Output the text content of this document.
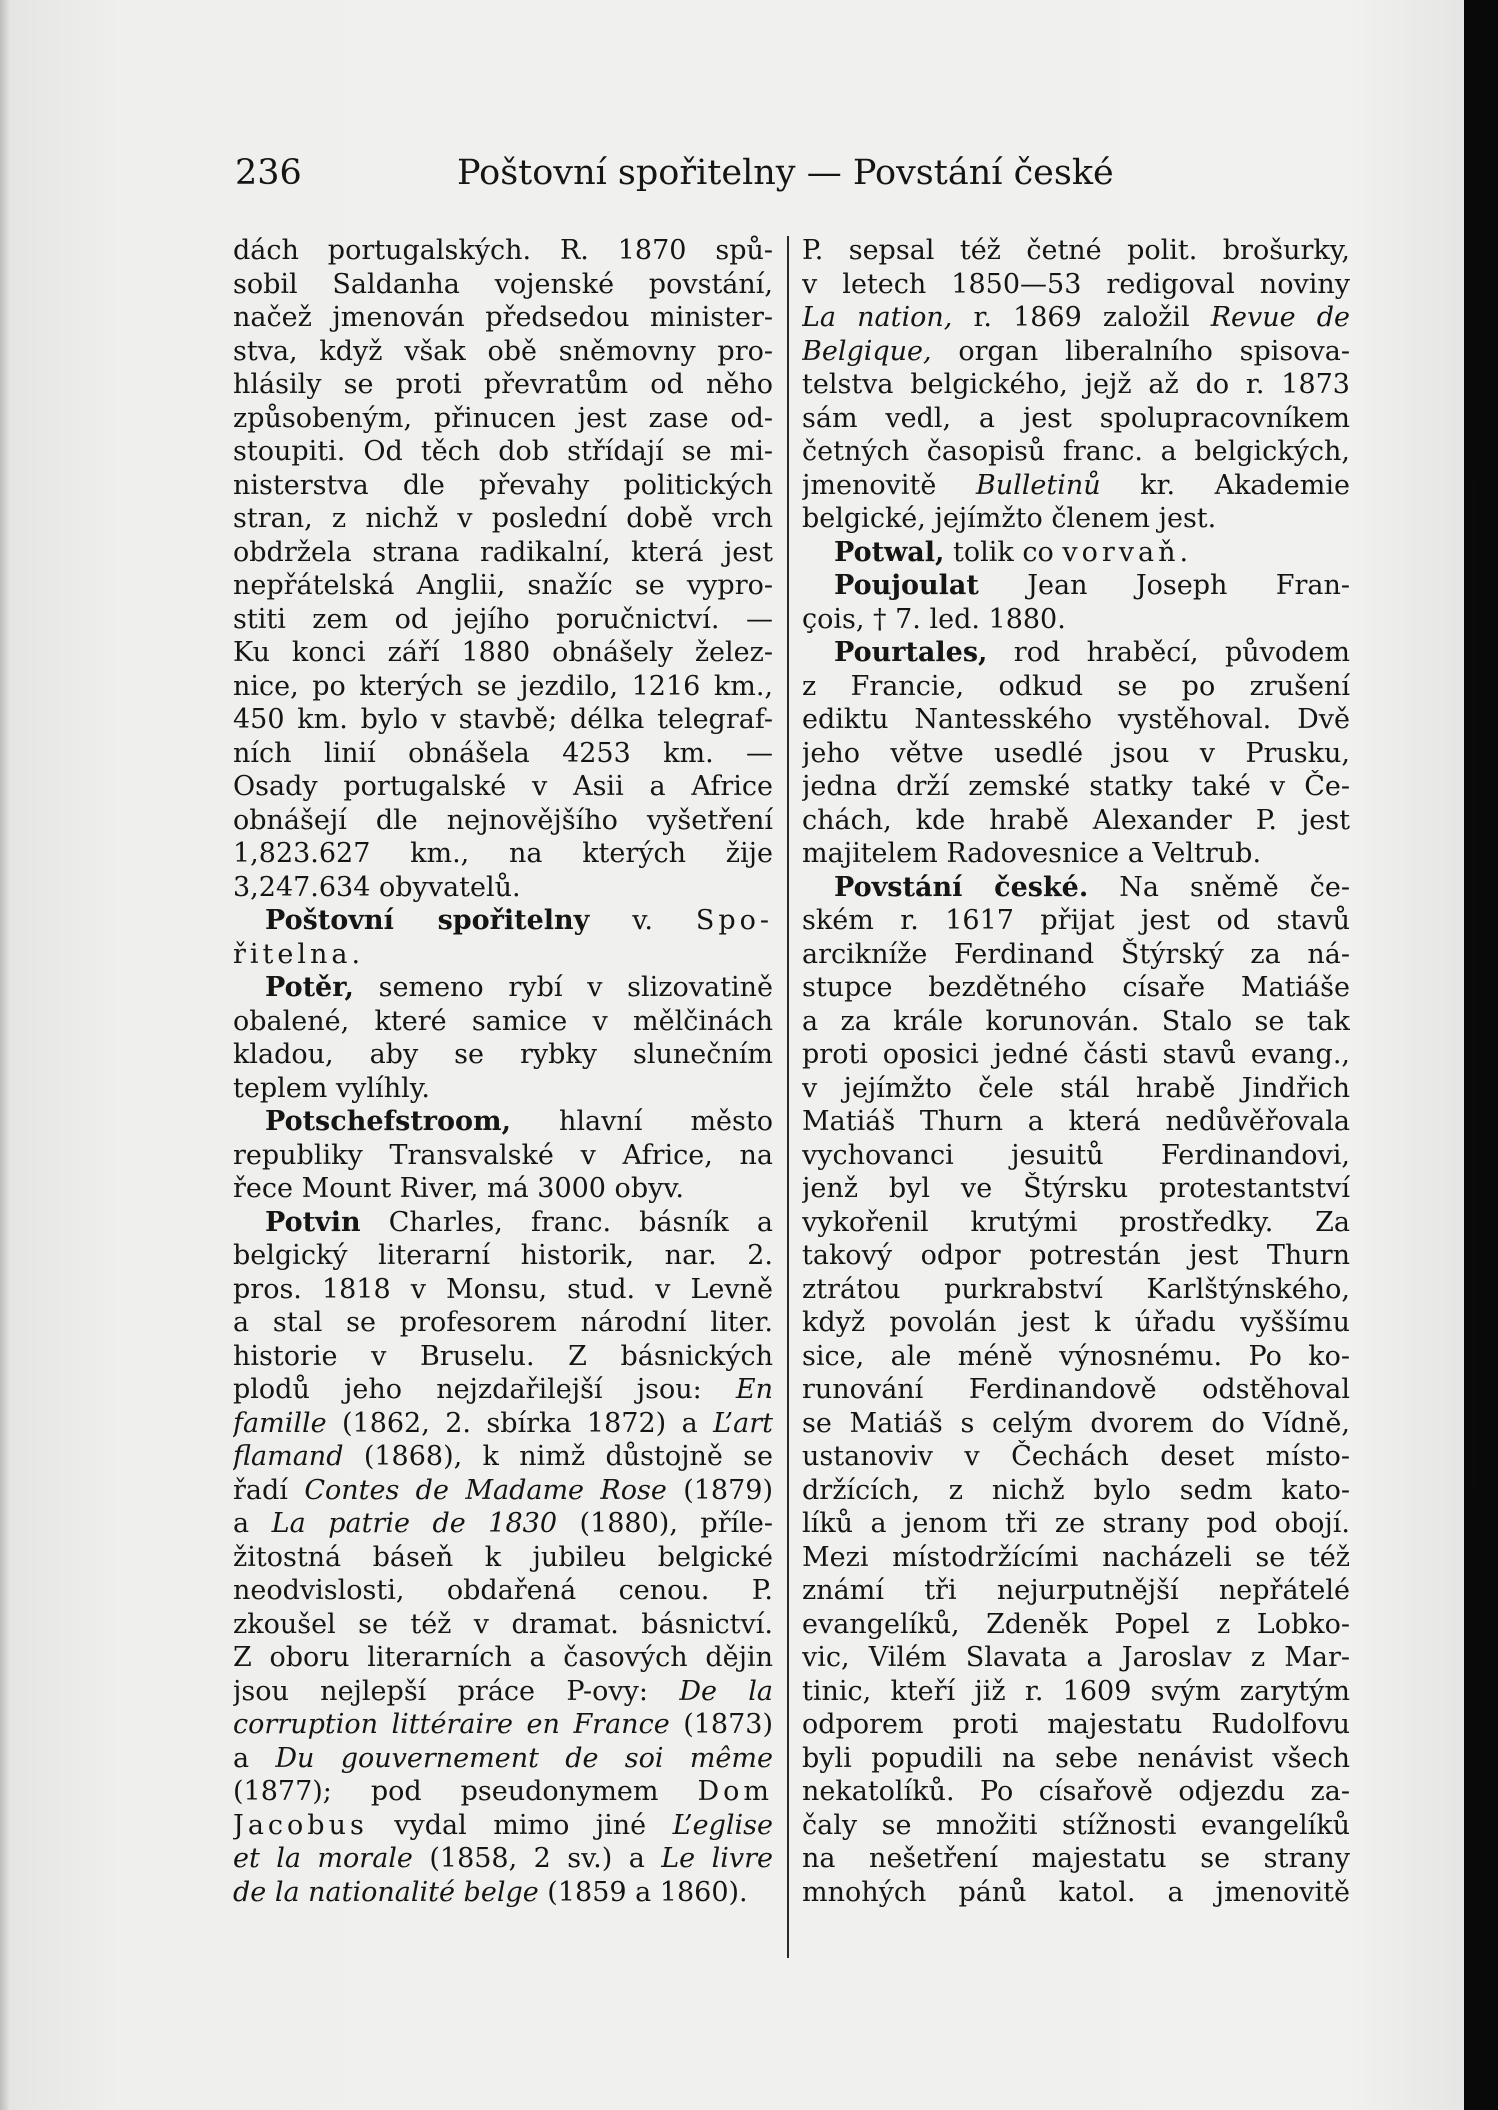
236	Poštovní spořitelny — Povstání české
dách portugalských. R. 1870 spů-
sobil Saldanha vojenské povstání,
načež jmenován předsedou minister-
stva, když však obě sněmovny pro-
hlásily se proti převratům od něho
způsobeným, přinucen jest zase od-
stoupiti. Od těch dob střídají se mi-
nisterstva dle převahy politických
stran, z nichž v poslední době vrch
obdržela strana radikalní, která jest
nepřátelská Anglii, snažíc se vypro-
stiti zem od jejího poručnictví. —
Ku konci září 1880 obnášely želez-
nice, po kterých se jezdilo, 1216 km.,
450 km. bylo v stavbě; délka telegraf-
ních linií obnášela 4253 km. —
Osady portugalské v Asii a Africe
obnášejí dle nejnovějšího vyšetření
1,823.627 km., na kterých žije
3,247.634 obyvatelů.
Poštovní spořitelny v. Spo-
řitelna.
Potěr, semeno rybí v slizovatině
obalené, které samice v mělčinách
kladou, aby se rybky slunečním
teplem vylíhly.
Potschefstroom, hlavní město
republiky Transvalské v Africe, na
řece Mount River, má 3000 obyv.
Potvin Charles, franc. básník a
belgický literarní historik, nar. 2.
pros. 1818 v Monsu, stud. v Levně
a stal se profesorem národní liter.
historie v Bruselu. Z básnických
plodů jeho nejzdařilejší jsou: En
famille (1862, 2. sbírka 1872) a L’art
flamand (1868), k nimž důstojně se
řadí Contes de Madame Rose (1879)
a La patrie de 1830 (1880), příle-
žitostná báseň k jubileu belgické
neodvislosti, obdařená cenou. P.
zkoušel se též v dramat. básnictví.
Z oboru literarních a časových dějin
jsou nejlepší práce P-ovy: De la
corruption littéraire en France (1873)
a Du gouvernement de soi même
(1877); pod pseudonymem Dom
Jacobus vydal mimo jiné L’eglise
et la morale (1858, 2 sv.) a Le livre
de la nationalité belge (1859 a 1860).
P. sepsal též četné polit. brošurky,
v letech 1850—53 redigoval noviny
La nation, r. 1869 založil Revue de
Belgique, organ liberalního spisova-
telstva belgického, jejž až do r. 1873
sám vedl, a jest spolupracovníkem
četných časopisů franc. a belgických,
jmenovitě Bulletinů kr. Akademie
belgické, jejímžto členem jest.
Potwal, tolik co vorvaň.
Poujoulat Jean Joseph Fran-
çois, † 7. led. 1880.
Pourtales, rod hraběcí, původem
z Francie, odkud se po zrušení
ediktu Nantesského vystěhoval. Dvě
jeho větve usedlé jsou v Prusku,
jedna drží zemské statky také v Če-
chách, kde hrabě Alexander P. jest
majitelem Radovesnice a Veltrub.
Povstání české. Na sněmě če-
ském r. 1617 přijat jest od stavů
arcikníže Ferdinand Štýrský za ná-
stupce bezdětného císaře Matiáše
a za krále korunován. Stalo se tak
proti oposici jedné části stavů evang.,
v jejímžto čele stál hrabě Jindřich
Matiáš Thurn a která nedůvěřovala
vychovanci jesuitů Ferdinandovi,
jenž byl ve Štýrsku protestantství
vykořenil krutými prostředky. Za
takový odpor potrestán jest Thurn
ztrátou purkrabství Karlštýnského,
když povolán jest k úřadu vyššímu
sice, ale méně výnosnému. Po ko-
runování Ferdinandově odstěhoval
se Matiáš s celým dvorem do Vídně,
ustanoviv v Čechách deset místo-
držících, z nichž bylo sedm kato-
líků a jenom tři ze strany pod obojí.
Mezi místodržícími nacházeli se též
známí tři nejurputnější nepřátelé
evangelíků, Zdeněk Popel z Lobko-
vic, Vilém Slavata a Jaroslav z Mar-
tinic, kteří již r. 1609 svým zarytým
odporem proti majestatu Rudolfovu
byli popudili na sebe nenávist všech
nekatolíků. Po císařově odjezdu za-
čaly se množiti stížnosti evangelíků
na nešetření majestatu se strany
mnohých pánů katol. a jmenovitě
